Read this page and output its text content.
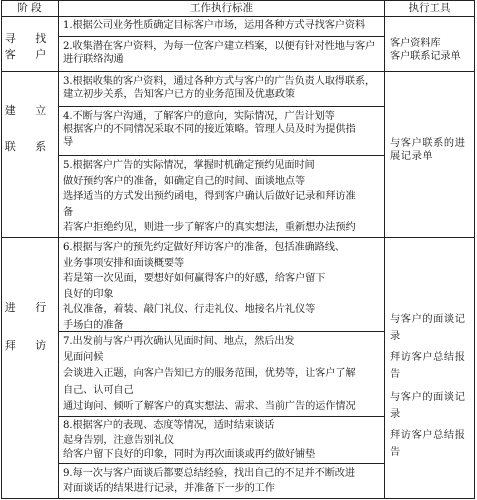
阶 段	工作执行标准	执行工具
寻 找
客 户
1.根据公司业务性质确定目标客户市场，运用各种方式寻找客户资料
2.收集潜在客户资料，为每一位客户建立档案，以便有针对性地与客户
进行联络沟通
客户资料库
客户联系记录单
建 立
联 系
3.根据收集的客户资料，通过各种方式与客户的广告负责人取得联系，
建立初步关系，告知客户已方的业务范围及优惠政策
4.不断与客户沟通，了解客户的意向，实际情况，广告计划等
根据客户的不同情况采取不同的接近策略。管理人员及时为提供指
导
5.根据客户广告的实际情况，掌握时机确定预约见面时间
做好预约客户的准备，如确定自己的时间、面谈地点等
选择适当的方式发出预约函电，得到客户确认后做好记录和拜访准
备
若客户拒绝约见，则进一步了解客户的真实想法，重新想办法预约
与客户联系的进
展记录单
进 行
拜 访
6.根据与客户的预先约定做好拜访客户的准备，包括准确路线、
业务事项安排和面谈概要等
若是第一次见面，要想好如何赢得客户的好感，给客户留下
良好的印象
礼仪准备，着装、敲门礼仪、行走礼仪、地接名片礼仪等
手场白的准备
7.出发前与客户再次确认见面时间、地点，然后出发
见面问候
会谈进入正题，向客户告知已方的服务范围，优势等，让客户了解
自己、认可自己
通过询问、倾听了解客户的真实想法、需求、当前广告的运作情况
8.根据客户的表现、态度等情况，适时结束谈话
起身告别，注意告别礼仪
给客户留下良好的印象，同时为再次面谈或再约做好铺垫
9.每一次与客户面谈后都要总结经验，找出自己的不足并不断改进
对面谈话的结果进行记录，并准备下一步的工作
与客户的面谈记
录
拜访客户总结报
告
与客户的面谈记
录
拜访客户总结报
告
